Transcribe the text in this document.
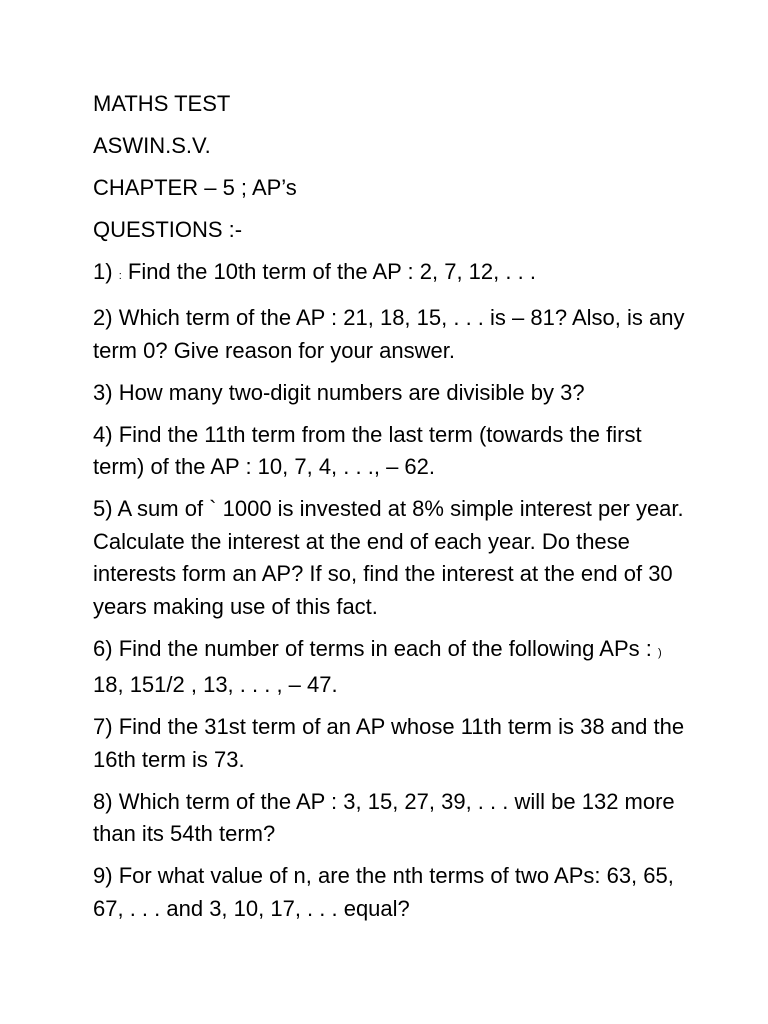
MATHS TEST
ASWIN.S.V.
CHAPTER – 5 ; AP’s
QUESTIONS :-
1) : Find the 10th term of the AP : 2, 7, 12, . . .
2) Which term of the AP : 21, 18, 15, . . . is – 81? Also, is any term 0? Give reason for your answer.
3) How many two-digit numbers are divisible by 3?
4) Find the 11th term from the last term (towards the first term) of the AP : 10, 7, 4, . . ., – 62.
5) A sum of ` 1000 is invested at 8% simple interest per year. Calculate the interest at the end of each year. Do these interests form an AP? If so, find the interest at the end of 30 years making use of this fact.
6) Find the number of terms in each of the following APs : ) 18, 151/2 , 13, . . . , – 47.
7) Find the 31st term of an AP whose 11th term is 38 and the 16th term is 73.
8) Which term of the AP : 3, 15, 27, 39, . . . will be 132 more than its 54th term?
9) For what value of n, are the nth terms of two APs: 63, 65, 67, . . . and 3, 10, 17, . . . equal?
